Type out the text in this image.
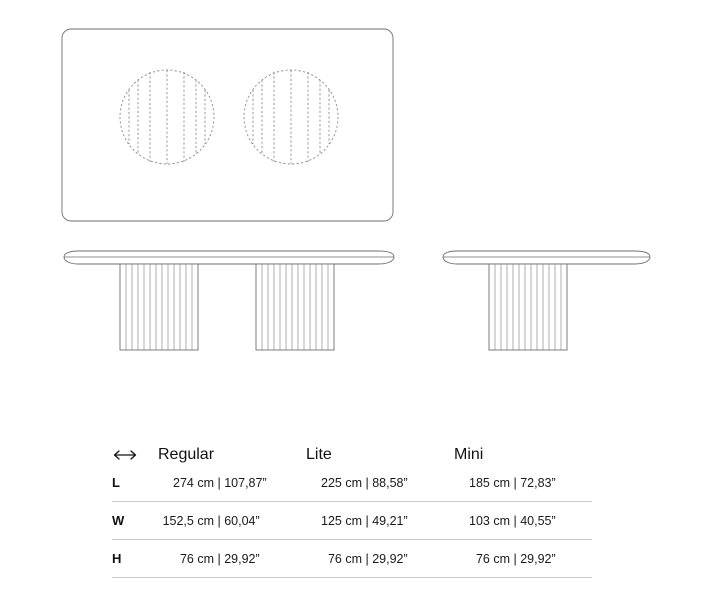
Regular	Lite	Mini
L	274 cm | 107,87”	225 cm | 88,58”	185 cm | 72,83”
W	152,5 cm | 60,04”	125 cm | 49,21”	103 cm | 40,55”
H	76 cm | 29,92”	76 cm | 29,92”	76 cm | 29,92”
